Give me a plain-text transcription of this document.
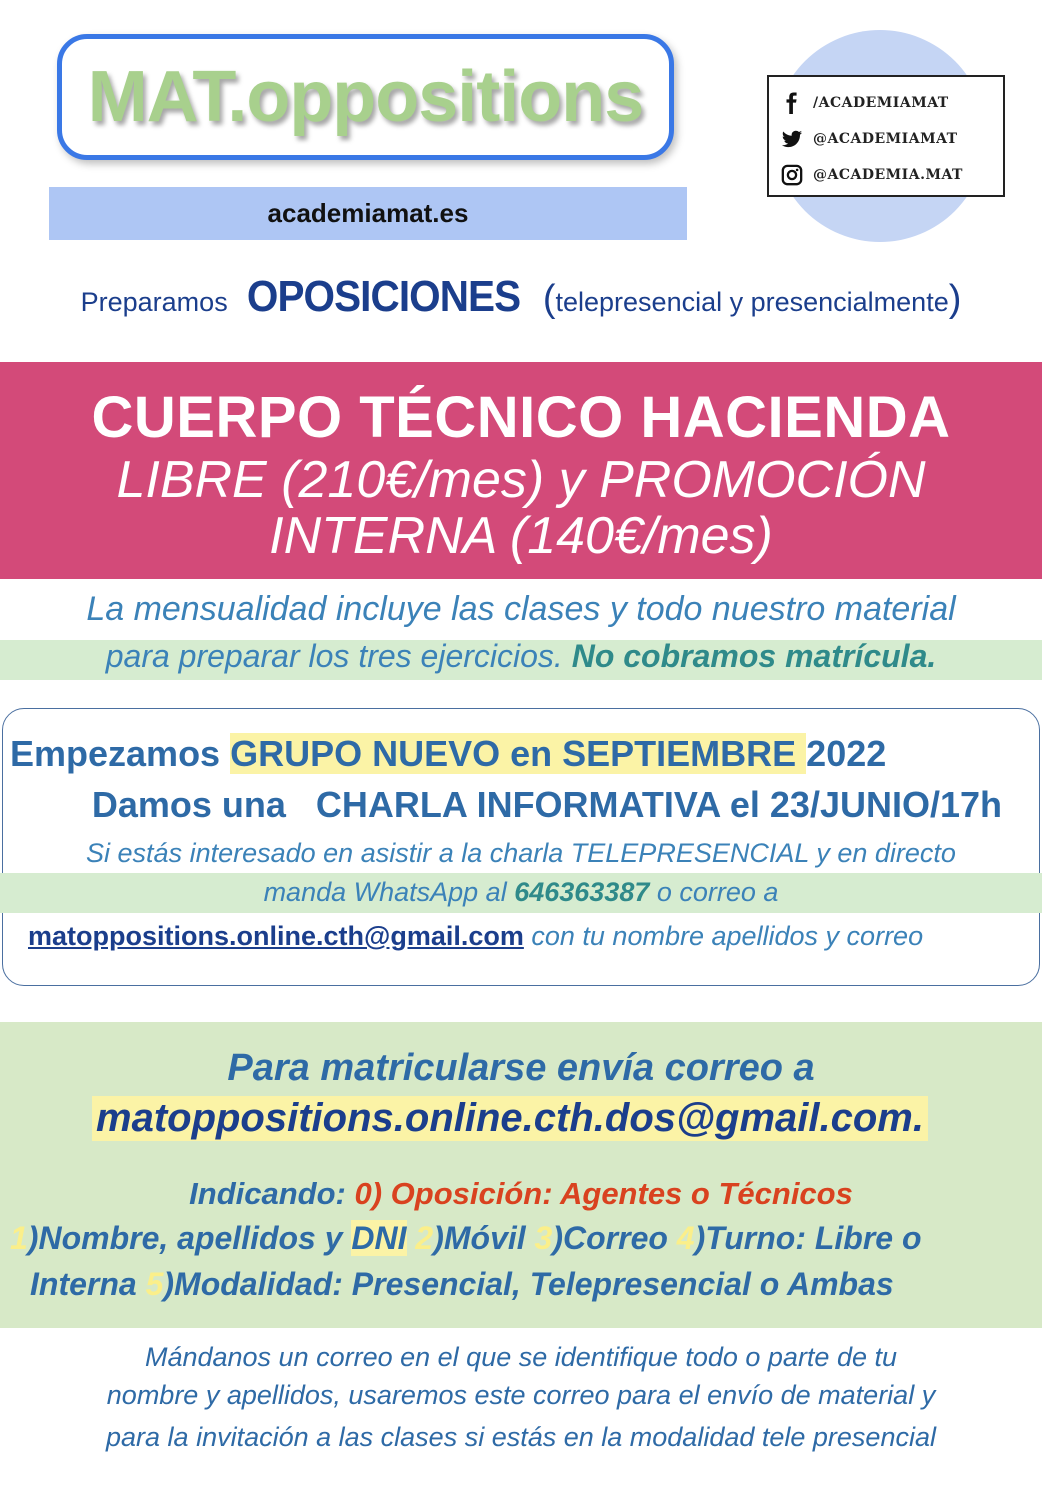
MAT.oppositions
academiamat.es
/ACADEMIAMAT
@ACADEMIAMAT
@ACADEMIA.MAT
Preparamos OPOSICIONES (telepresencial y presencialmente)
CUERPO TÉCNICO HACIENDA
LIBRE (210€/mes) y PROMOCIÓN
INTERNA (140€/mes)
La mensualidad incluye las clases y todo nuestro material
para preparar los tres ejercicios. No cobramos matrícula.
Empezamos GRUPO NUEVO en SEPTIEMBRE 2022
Damos una CHARLA INFORMATIVA el 23/JUNIO/17h
Si estás interesado en asistir a la charla TELEPRESENCIAL y en directo
manda WhatsApp al 646363387 o correo a
matoppositions.online.cth@gmail.com con tu nombre apellidos y correo
Para matricularse envía correo a
matoppositions.online.cth.dos@gmail.com.
Indicando: 0) Oposición: Agentes o Técnicos
1)Nombre, apellidos y DNI 2)Móvil 3)Correo 4)Turno: Libre o
Interna 5)Modalidad: Presencial, Telepresencial o Ambas
Mándanos un correo en el que se identifique todo o parte de tu
nombre y apellidos, usaremos este correo para el envío de material y
para la invitación a las clases si estás en la modalidad tele presencial
